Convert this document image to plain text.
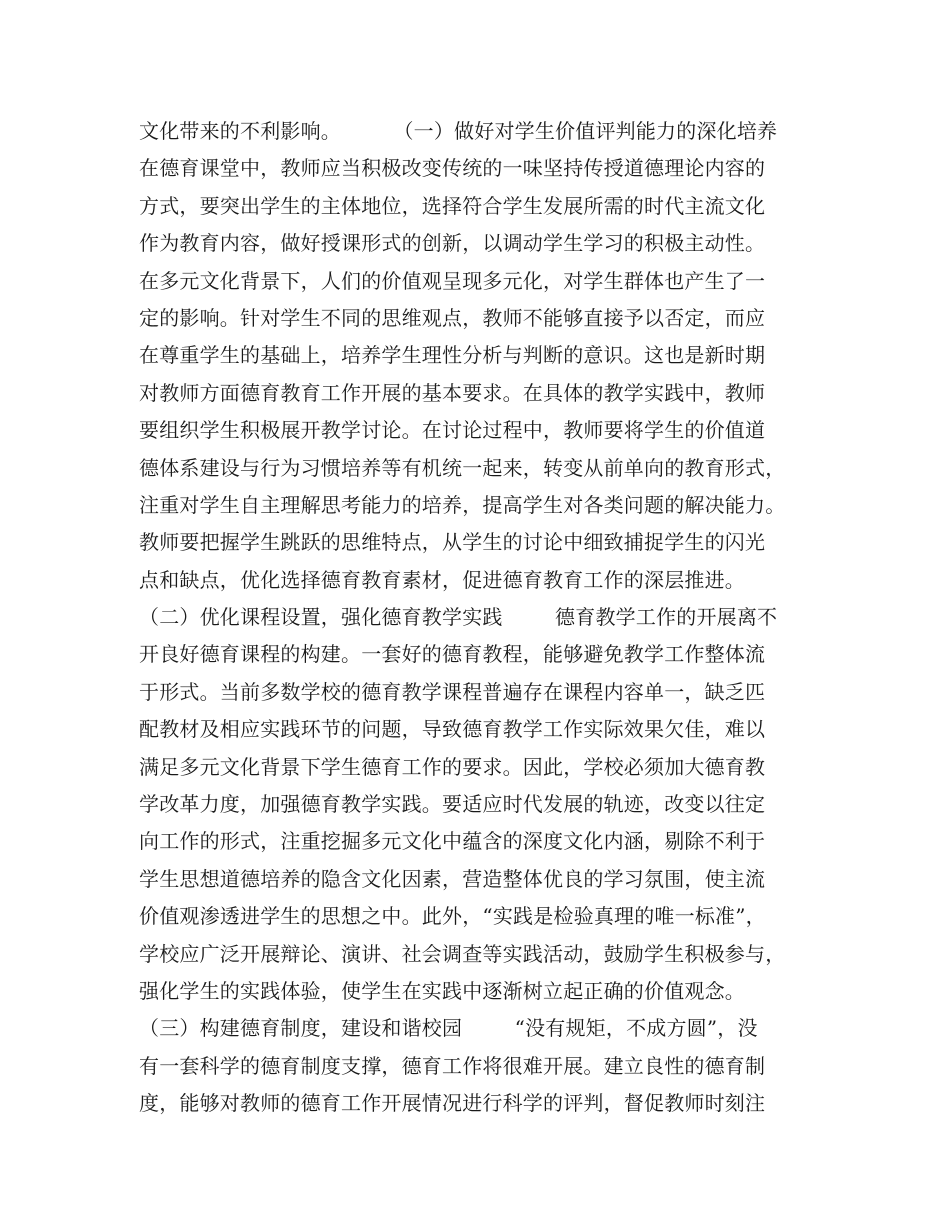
文化带来的不利影响。        （一）做好对学生价值评判能力的深化培养
在德育课堂中，教师应当积极改变传统的一味坚持传授道德理论内容的
方式，要突出学生的主体地位，选择符合学生发展所需的时代主流文化
作为教育内容，做好授课形式的创新，以调动学生学习的积极主动性。
在多元文化背景下，人们的价值观呈现多元化，对学生群体也产生了一
定的影响。针对学生不同的思维观点，教师不能够直接予以否定，而应
在尊重学生的基础上，培养学生理性分析与判断的意识。这也是新时期
对教师方面德育教育工作开展的基本要求。在具体的教学实践中，教师
要组织学生积极展开教学讨论。在讨论过程中，教师要将学生的价值道
德体系建设与行为习惯培养等有机统一起来，转变从前单向的教育形式，
注重对学生自主理解思考能力的培养，提高学生对各类问题的解决能力。
教师要把握学生跳跃的思维特点，从学生的讨论中细致捕捉学生的闪光
点和缺点，优化选择德育教育素材，促进德育教育工作的深层推进。
（二）优化课程设置，强化德育教学实践        德育教学工作的开展离不
开良好德育课程的构建。一套好的德育教程，能够避免教学工作整体流
于形式。当前多数学校的德育教学课程普遍存在课程内容单一，缺乏匹
配教材及相应实践环节的问题，导致德育教学工作实际效果欠佳，难以
满足多元文化背景下学生德育工作的要求。因此，学校必须加大德育教
学改革力度，加强德育教学实践。要适应时代发展的轨迹，改变以往定
向工作的形式，注重挖掘多元文化中蕴含的深度文化内涵，剔除不利于
学生思想道德培养的隐含文化因素，营造整体优良的学习氛围，使主流
价值观渗透进学生的思想之中。此外，“实践是检验真理的唯一标准”，
学校应广泛开展辩论、演讲、社会调查等实践活动，鼓励学生积极参与，
强化学生的实践体验，使学生在实践中逐渐树立起正确的价值观念。
（三）构建德育制度，建设和谐校园        “没有规矩，不成方圆”，没
有一套科学的德育制度支撑，德育工作将很难开展。建立良性的德育制
度，能够对教师的德育工作开展情况进行科学的评判，督促教师时刻注
